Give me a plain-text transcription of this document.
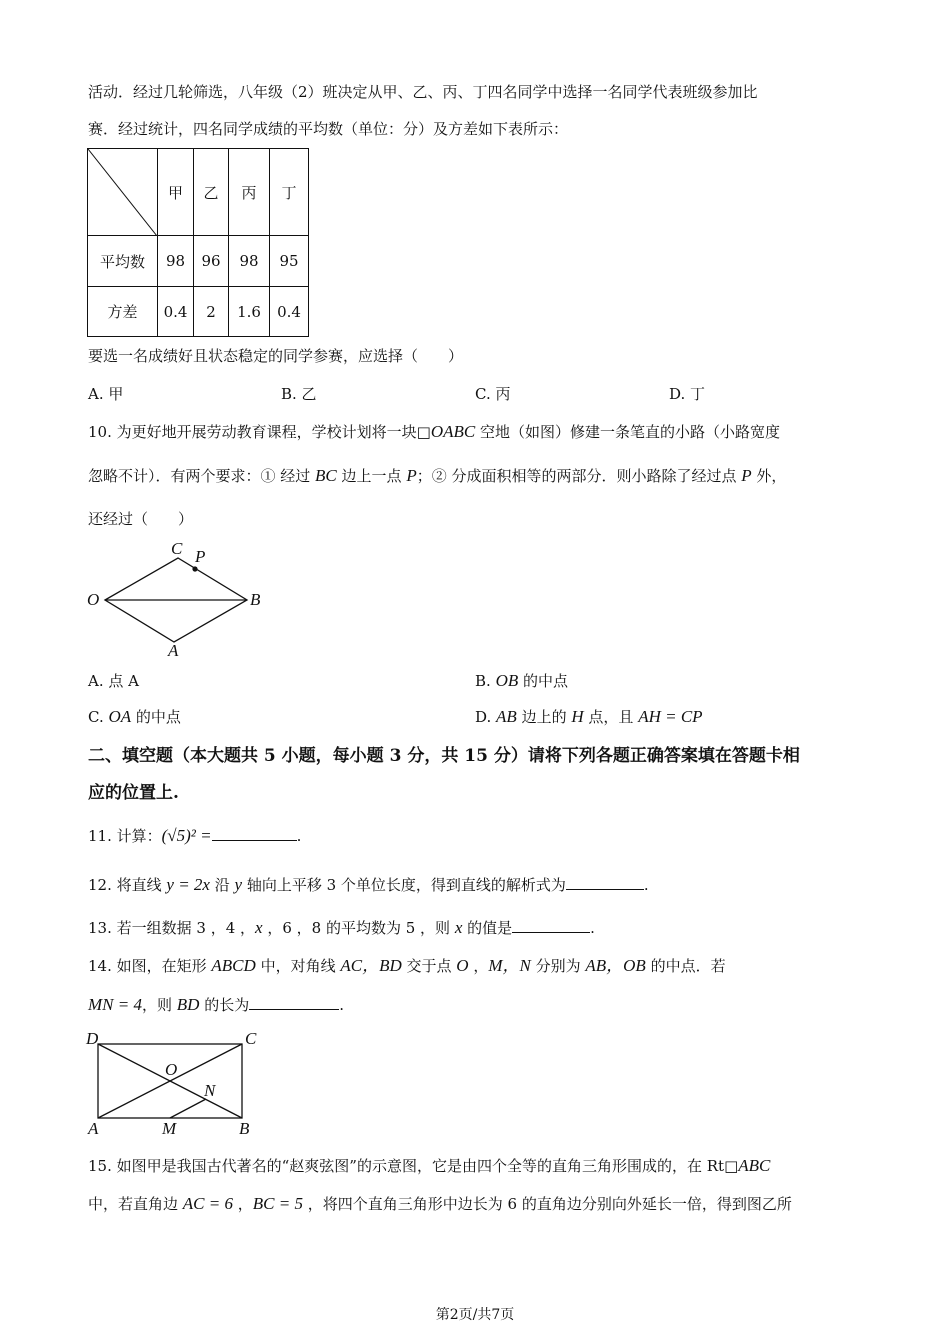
活动．经过几轮筛选，八年级（2）班决定从甲、乙、丙、丁四名同学中选择一名同学代表班级参加比
赛．经过统计，四名同学成绩的平均数（单位：分）及方差如下表所示：
	甲	乙	丙	丁
平均数	98	96	98	95
方差	0.4	2	1.6	0.4
要选一名成绩好且状态稳定的同学参赛，应选择（　　）
A. 甲	B. 乙	C. 丙	D. 丁
10. 为更好地开展劳动教育课程，学校计划将一块□OABC 空地（如图）修建一条笔直的小路（小路宽度
忽略不计）．有两个要求：① 经过 BC 边上一点 P；② 分成面积相等的两部分．则小路除了经过点 P 外，
还经过（　　）
C P
O	B
A
A. 点 A	B. OB 的中点
C. OA 的中点	D. AB 边上的 H 点，且 AH = CP
二、填空题（本大题共 5 小题，每小题 3 分，共 15 分）请将下列各题正确答案填在答题卡相
应的位置上.
11. 计算：(√5)² =	.
12. 将直线 y = 2x 沿 y 轴向上平移 3 个单位长度，得到直线的解析式为	.
13. 若一组数据 3 ，4 ，x ，6 ，8 的平均数为 5 ，则 x 的值是	.
14. 如图，在矩形 ABCD 中，对角线 AC，BD 交于点 O ，M，N 分别为 AB，OB 的中点．若
MN = 4，则 BD 的长为	.
D	C
O
N
A	M	B
15. 如图甲是我国古代著名的“赵爽弦图”的示意图，它是由四个全等的直角三角形围成的，在 Rt□ABC
中，若直角边 AC = 6 ，BC = 5 ，将四个直角三角形中边长为 6 的直角边分别向外延长一倍，得到图乙所
第2页/共7页
